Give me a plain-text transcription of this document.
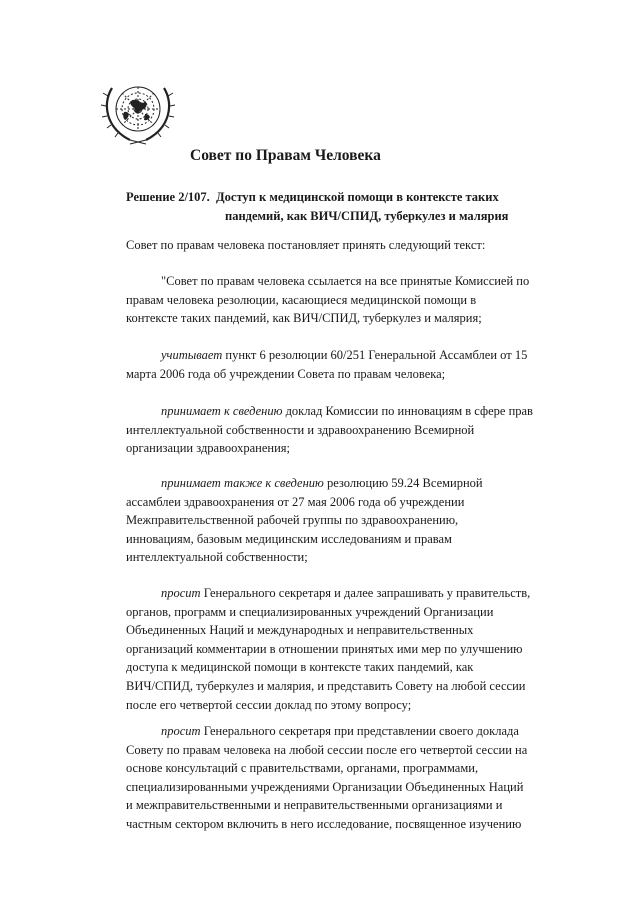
Совет по Правам Человека
Решение 2/107. Доступ к медицинской помощи в контексте таких
пандемий, как ВИЧ/СПИД, туберкулез и малярия
Совет по правам человека постановляет принять следующий текст:
"Совет по правам человека ссылается на все принятые Комиссией по
правам человека резолюции, касающиеся медицинской помощи в
контексте таких пандемий, как ВИЧ/СПИД, туберкулез и малярия;
учитывает пункт 6 резолюции 60/251 Генеральной Ассамблеи от 15
марта 2006 года об учреждении Совета по правам человека;
принимает к сведению доклад Комиссии по инновациям в сфере прав
интеллектуальной собственности и здравоохранению Всемирной
организации здравоохранения;
принимает также к сведению резолюцию 59.24 Всемирной
ассамблеи здравоохранения от 27 мая 2006 года об учреждении
Межправительственной рабочей группы по здравоохранению,
инновациям, базовым медицинским исследованиям и правам
интеллектуальной собственности;
просит Генерального секретаря и далее запрашивать у правительств,
органов, программ и специализированных учреждений Организации
Объединенных Наций и международных и неправительственных
организаций комментарии в отношении принятых ими мер по улучшению
доступа к медицинской помощи в контексте таких пандемий, как
ВИЧ/СПИД, туберкулез и малярия, и представить Совету на любой сессии
после его четвертой сессии доклад по этому вопросу;
просит Генерального секретаря при представлении своего доклада
Совету по правам человека на любой сессии после его четвертой сессии на
основе консультаций с правительствами, органами, программами,
специализированными учреждениями Организации Объединенных Наций
и межправительственными и неправительственными организациями и
частным сектором включить в него исследование, посвященное изучению
